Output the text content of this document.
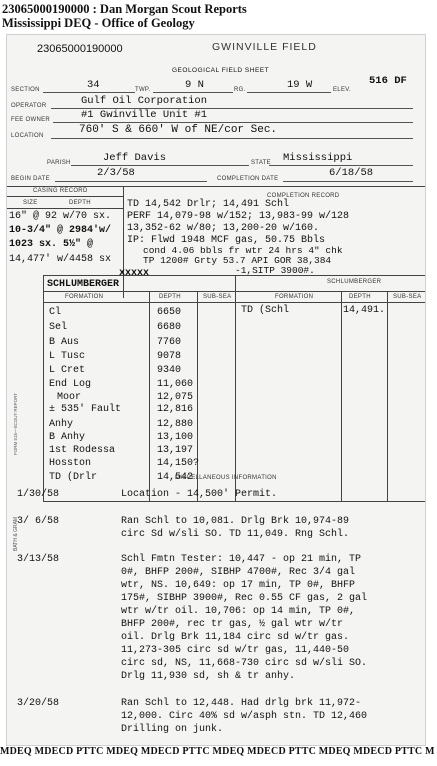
23065000190000 : Dan Morgan Scout Reports
Mississippi DEQ - Office of Geology
23065000190000	GWINVILLE FIELD
GEOLOGICAL FIELD SHEET
SECTION	34	TWP.	9 N	RG.	19 W	ELEV.
516 DF
OPERATOR	Gulf Oil Corporation
FEE OWNER	#1 Gwinville Unit #1
LOCATION	760' S & 660' W of NE/cor Sec.
PARISH	Jeff Davis	STATE Mississippi
BEGIN DATE	2/3/58	COMPLETION DATE	6/18/58
CASING RECORD
SIZE	DEPTH
16" @ 92 w/70 sx.
10-3/4" @ 2984'w/
1023 sx. 5½" @
14,477' w/4458 sx
COMPLETION RECORD
TD 14,542 Drlr; 14,491 Schl
PERF 14,079-98 w/152; 13,983-99 w/128
13,352-62 w/80; 13,200-20 w/160.
IP: Flwd 1948 MCF gas, 50.75 Bbls
cond 4.06 bbls fr wtr 24 hrs 4" chk
TP 1200# Grty 53.7 API GOR 38,384
-1,SITP 3900#.
xxxxx
SCHLUMBERGER
SCHLUMBERGER
FORMATION	DEPTH	SUB-SEA	FORMATION	DEPTH	SUB-SEA
Cl	6650
Sel	6680
B Aus	7760
L Tusc	9078
L Cret	9340
End Log	11,060
Moor	12,075
± 535' Fault	12,816
Anhy	12,880
B Anhy	13,100
1st Rodessa	13,197
Hosston	14,150?
TD (Drlr	14,542
TD (Schl	14,491.
FORM 515—SCOUT REPORT
BATH & GRAM
MISCELLANEOUS INFORMATION
1/30/58	Location - 14,500' Permit.
3/ 6/58	Ran Schl to 10,081. Drlg Brk 10,974-89
circ Sd w/sli SO. TD 11,049. Rng Schl.
3/13/58	Schl Fmtn Tester: 10,447 - op 21 min, TP
0#, BHFP 200#, SIBHP 4700#, Rec 3/4 gal
wtr, NS. 10,649: op 17 min, TP 0#, BHFP
175#, SIBHP 3900#, Rec 0.55 CF gas, 2 gal
wtr w/tr oil. 10,706: op 14 min, TP 0#,
BHFP 200#, rec tr gas, ½ gal wtr w/tr
oil. Drlg Brk 11,184 circ sd w/tr gas.
11,273-305 circ sd w/tr gas, 11,440-50
circ sd, NS, 11,668-730 circ sd w/sli SO.
Drlg 11,930 sd, sh & tr anhy.
3/20/58	Ran Schl to 12,448. Had drlg brk 11,972-
12,000. Circ 40% sd w/asph stn. TD 12,460
Drilling on junk.
MDEQ MDECD PTTC MDEQ MDECD PTTC MDEQ MDECD PTTC MDEQ MDECD PTTC M
